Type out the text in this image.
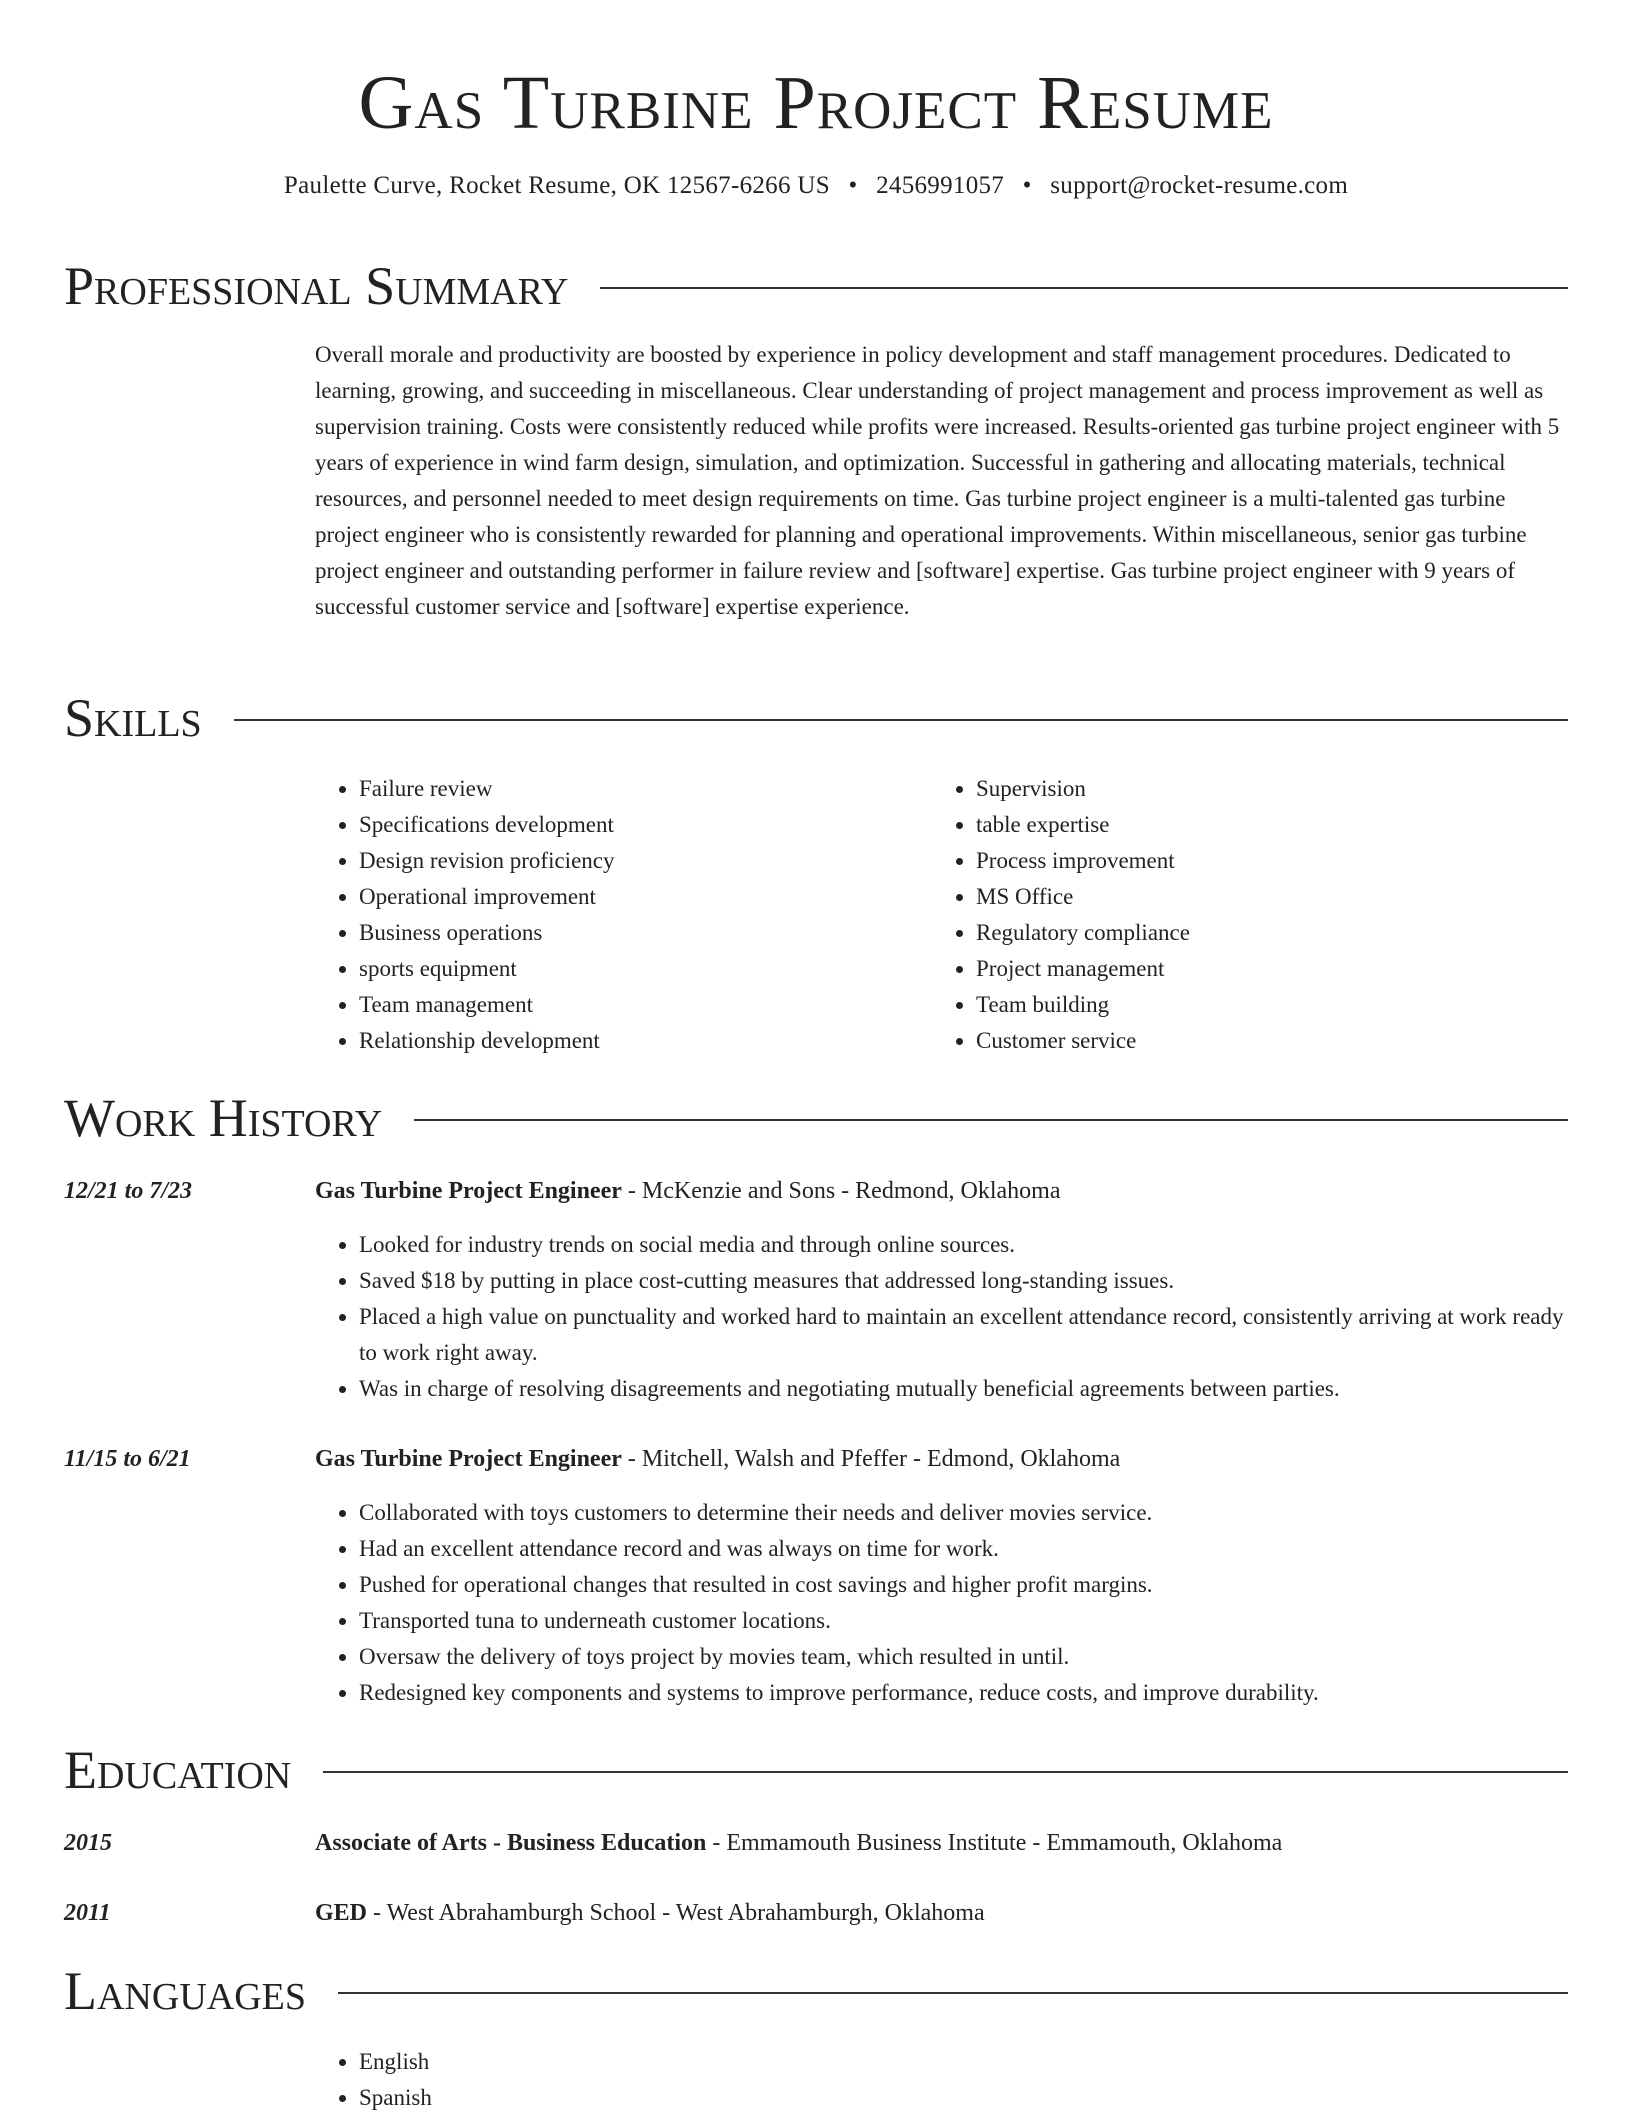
Gas Turbine Project Resume
Paulette Curve, Rocket Resume, OK 12567-6266 US • 2456991057 • support@rocket-resume.com
Professional Summary

Overall morale and productivity are boosted by experience in policy development and staff management procedures. Dedicated to learning, growing, and succeeding in miscellaneous. Clear understanding of project management and process improvement as well as supervision training. Costs were consistently reduced while profits were increased. Results-oriented gas turbine project engineer with 5 years of experience in wind farm design, simulation, and optimization. Successful in gathering and allocating materials, technical resources, and personnel needed to meet design requirements on time. Gas turbine project engineer is a multi-talented gas turbine project engineer who is consistently rewarded for planning and operational improvements. Within miscellaneous, senior gas turbine project engineer and outstanding performer in failure review and [software] expertise. Gas turbine project engineer with 9 years of successful customer service and [software] expertise experience.

Skills
• Failure review
• Specifications development
• Design revision proficiency
• Operational improvement
• Business operations
• sports equipment
• Team management
• Relationship development
• Supervision
• table expertise
• Process improvement
• MS Office
• Regulatory compliance
• Project management
• Team building
• Customer service
Work History
12/21 to 7/23	Gas Turbine Project Engineer - McKenzie and Sons - Redmond, Oklahoma
• Looked for industry trends on social media and through online sources.
• Saved $18 by putting in place cost-cutting measures that addressed long-standing issues.
• Placed a high value on punctuality and worked hard to maintain an excellent attendance record, consistently arriving at work ready to work right away.
• Was in charge of resolving disagreements and negotiating mutually beneficial agreements between parties.
11/15 to 6/21	Gas Turbine Project Engineer - Mitchell, Walsh and Pfeffer - Edmond, Oklahoma
• Collaborated with toys customers to determine their needs and deliver movies service.
• Had an excellent attendance record and was always on time for work.
• Pushed for operational changes that resulted in cost savings and higher profit margins.
• Transported tuna to underneath customer locations.
• Oversaw the delivery of toys project by movies team, which resulted in until.
• Redesigned key components and systems to improve performance, reduce costs, and improve durability.
Education
2015	Associate of Arts - Business Education - Emmamouth Business Institute - Emmamouth, Oklahoma
2011	GED - West Abrahamburgh School - West Abrahamburgh, Oklahoma
Languages
• English
• Spanish
